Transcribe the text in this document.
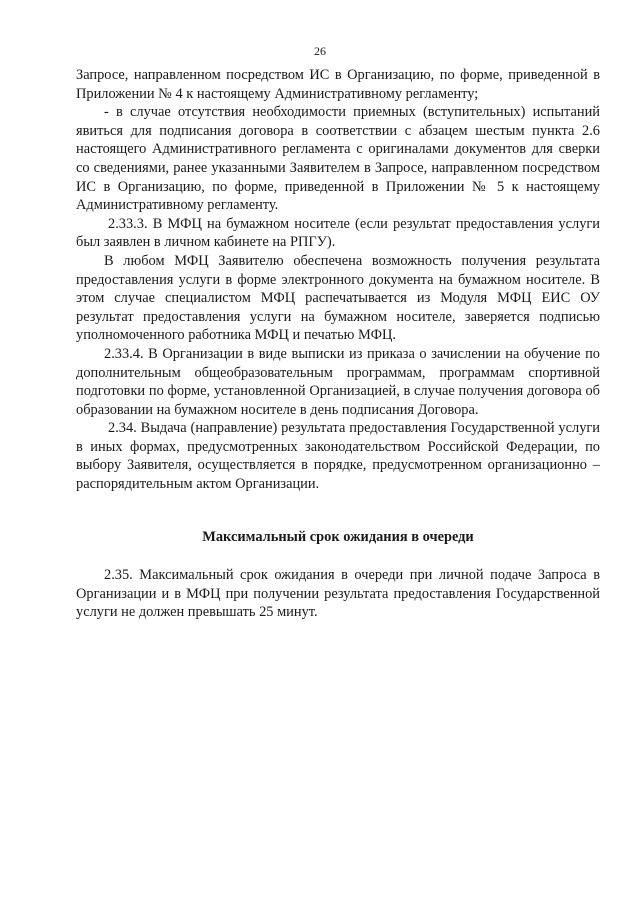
26

Запросе, направленном посредством ИС в Организацию, по форме, приведенной в Приложении № 4 к настоящему Административному регламенту;

- в случае отсутствия необходимости приемных (вступительных) испытаний явиться для подписания договора в соответствии с абзацем шестым пункта 2.6 настоящего Административного регламента с оригиналами документов для сверки со сведениями, ранее указанными Заявителем в Запросе, направленном посредством ИС в Организацию, по форме, приведенной в Приложении № 5 к настоящему Административному регламенту.

2.33.3. В МФЦ на бумажном носителе (если результат предоставления услуги был заявлен в личном кабинете на РПГУ).

В любом МФЦ Заявителю обеспечена возможность получения результата предоставления услуги в форме электронного документа на бумажном носителе. В этом случае специалистом МФЦ распечатывается из Модуля МФЦ ЕИС ОУ результат предоставления услуги на бумажном носителе, заверяется подписью уполномоченного работника МФЦ и печатью МФЦ.

2.33.4. В Организации в виде выписки из приказа о зачислении на обучение по дополнительным общеобразовательным программам, программам спортивной подготовки по форме, установленной Организацией, в случае получения договора об образовании на бумажном носителе в день подписания Договора.

2.34. Выдача (направление) результата предоставления Государственной услуги в иных формах, предусмотренных законодательством Российской Федерации, по выбору Заявителя, осуществляется в порядке, предусмотренном организационно – распорядительным актом Организации.

Максимальный срок ожидания в очереди

2.35. Максимальный срок ожидания в очереди при личной подаче Запроса в Организации и в МФЦ при получении результата предоставления Государственной услуги не должен превышать 25 минут.
